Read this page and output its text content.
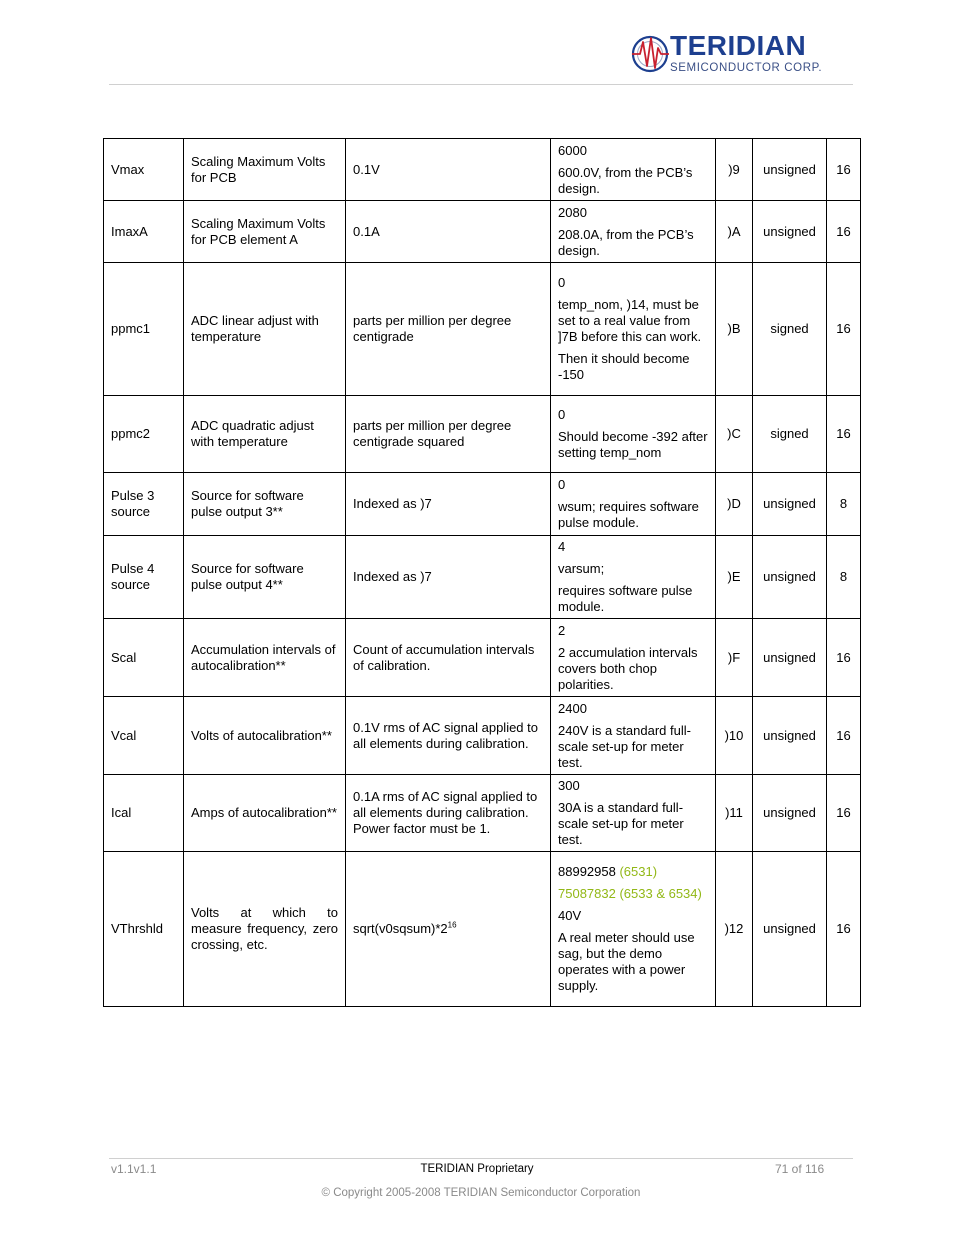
TERIDIAN
SEMICONDUCTOR CORP.
Vmax	Scaling Maximum Volts for PCB	0.1V	6000

600.0V, from the PCB’s design.	)9	unsigned	16
ImaxA	Scaling Maximum Volts for PCB element A	0.1A	2080

208.0A, from the PCB’s design.	)A	unsigned	16
ppmc1	ADC linear adjust with temperature	parts per million per degree centigrade	0

temp_nom, )14, must be set to a real value from ]7B before this can work.

Then it should become -150	)B	signed	16
ppmc2	ADC quadratic adjust with temperature	parts per million per degree centigrade squared	0

Should become -392 after setting temp_nom	)C	signed	16
Pulse 3 source	Source for software pulse output 3**	Indexed as )7	0

wsum; requires software pulse module.	)D	unsigned	8
Pulse 4 source	Source for software pulse output 4**	Indexed as )7	4

varsum;

requires software pulse module.	)E	unsigned	8
Scal	Accumulation intervals of autocalibration**	Count of accumulation intervals of calibration.	2

2 accumulation intervals covers both chop polarities.	)F	unsigned	16
Vcal	Volts of autocalibration**	0.1V rms of AC signal applied to all elements during calibration.	2400

240V is a standard full-scale set-up for meter test.	)10	unsigned	16
Ical	Amps of autocalibration**	0.1A rms of AC signal applied to all elements during calibration. Power factor must be 1.	300

30A is a standard full-scale set-up for meter test.	)11	unsigned	16
VThrshld	Volts at which to measure frequency, zero crossing, etc.	$sqrt(v0sqsum)*2^{16}$	88992958 (6531)

75087832 (6533 & 6534)

40V

A real meter should use sag, but the demo operates with a power supply.	)12	unsigned	16
v1.1v1.1	TERIDIAN Proprietary	71 of 116
© Copyright 2005-2008 TERIDIAN Semiconductor Corporation
